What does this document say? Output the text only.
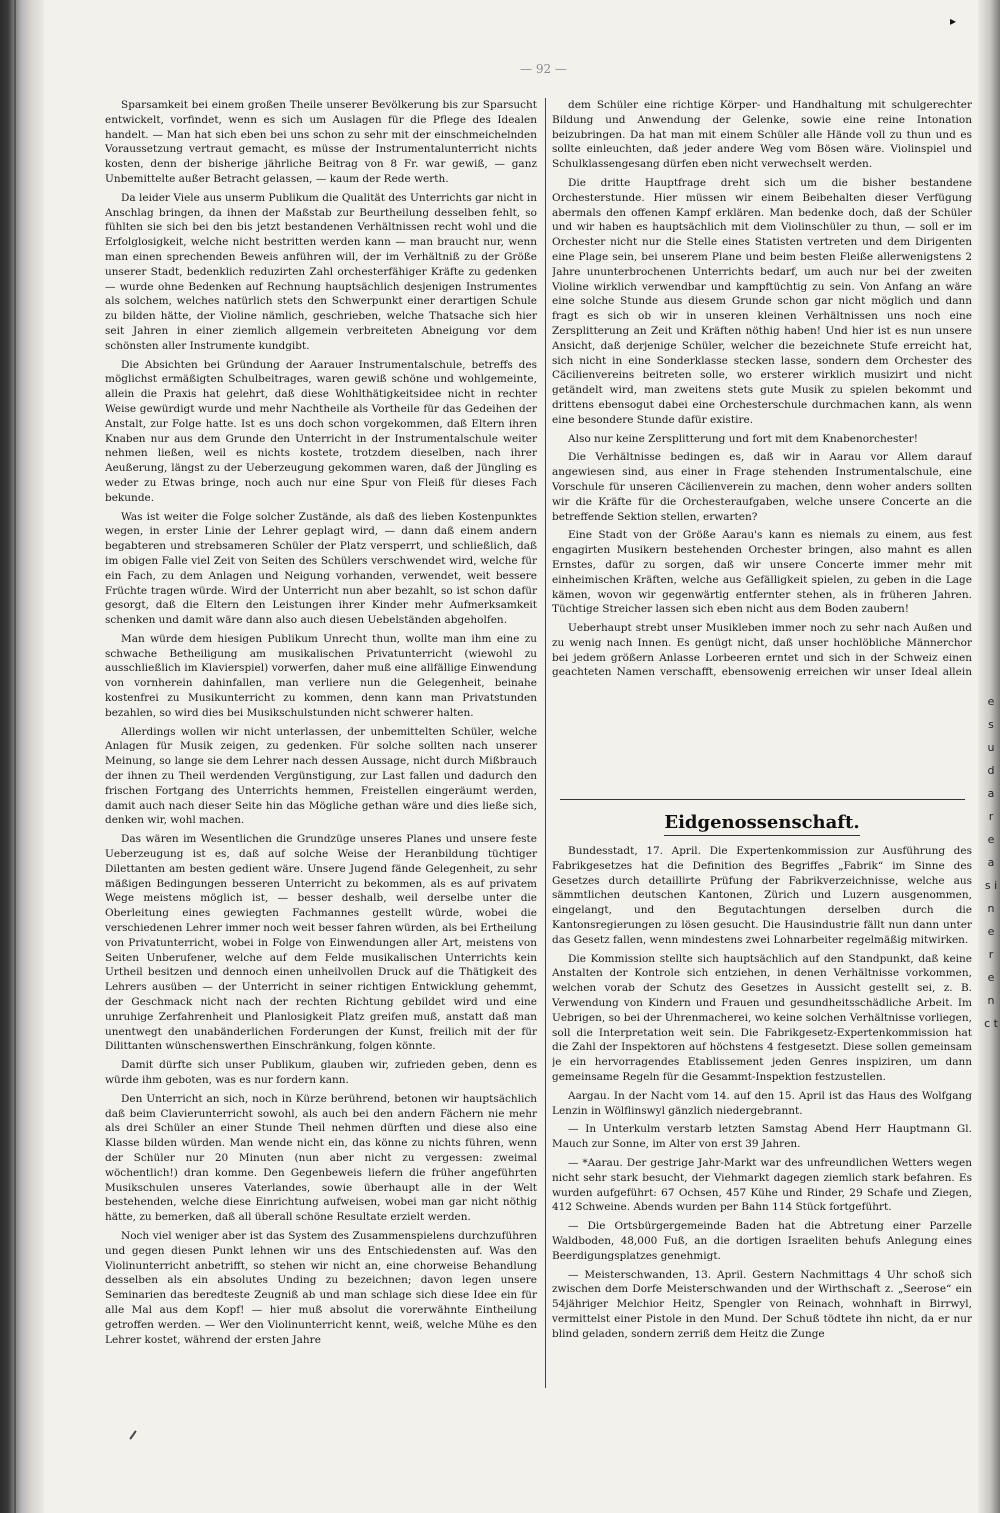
e s u d a r e a s i n e r e n c t
— 92 —
▸

Sparsamkeit bei einem großen Theile unserer Bevölkerung bis zur Sparsucht entwickelt, vorfindet, wenn es sich um Auslagen für die Pflege des Idealen handelt. — Man hat sich eben bei uns schon zu sehr mit der einschmeichelnden Voraussetzung vertraut gemacht, es müsse der Instrumentalunterricht nichts kosten, denn der bisherige jährliche Beitrag von 8 Fr. war gewiß, — ganz Unbemittelte außer Betracht gelassen, — kaum der Rede werth.

Da leider Viele aus unserm Publikum die Qualität des Unterrichts gar nicht in Anschlag bringen, da ihnen der Maßstab zur Beurtheilung desselben fehlt, so fühlten sie sich bei den bis jetzt bestandenen Verhältnissen recht wohl und die Erfolglosigkeit, welche nicht bestritten werden kann — man braucht nur, wenn man einen sprechenden Beweis anführen will, der im Verhältniß zu der Größe unserer Stadt, bedenklich reduzirten Zahl orchesterfähiger Kräfte zu gedenken — wurde ohne Bedenken auf Rechnung hauptsächlich desjenigen Instrumentes als solchem, welches natürlich stets den Schwerpunkt einer derartigen Schule zu bilden hätte, der Violine nämlich, geschrieben, welche Thatsache sich hier seit Jahren in einer ziemlich allgemein verbreiteten Abneigung vor dem schönsten aller Instrumente kundgibt.

Die Absichten bei Gründung der Aarauer Instrumentalschule, betreffs des möglichst ermäßigten Schulbeitrages, waren gewiß schöne und wohlgemeinte, allein die Praxis hat gelehrt, daß diese Wohlthätigkeitsidee nicht in rechter Weise gewürdigt wurde und mehr Nachtheile als Vortheile für das Gedeihen der Anstalt, zur Folge hatte. Ist es uns doch schon vorgekommen, daß Eltern ihren Knaben nur aus dem Grunde den Unterricht in der Instrumentalschule weiter nehmen ließen, weil es nichts kostete, trotzdem dieselben, nach ihrer Aeußerung, längst zu der Ueberzeugung gekommen waren, daß der Jüngling es weder zu Etwas bringe, noch auch nur eine Spur von Fleiß für dieses Fach bekunde.

Was ist weiter die Folge solcher Zustände, als daß des lieben Kostenpunktes wegen, in erster Linie der Lehrer geplagt wird, — dann daß einem andern begabteren und strebsameren Schüler der Platz versperrt, und schließlich, daß im obigen Falle viel Zeit von Seiten des Schülers verschwendet wird, welche für ein Fach, zu dem Anlagen und Neigung vorhanden, verwendet, weit bessere Früchte tragen würde. Wird der Unterricht nun aber bezahlt, so ist schon dafür gesorgt, daß die Eltern den Leistungen ihrer Kinder mehr Aufmerksamkeit schenken und damit wäre dann also auch diesen Uebelständen abgeholfen.

Man würde dem hiesigen Publikum Unrecht thun, wollte man ihm eine zu schwache Betheiligung am musikalischen Privatunterricht (wiewohl zu ausschließlich im Klavierspiel) vorwerfen, daher muß eine allfällige Einwendung von vornherein dahinfallen, man verliere nun die Gelegenheit, beinahe kostenfrei zu Musikunterricht zu kommen, denn kann man Privatstunden bezahlen, so wird dies bei Musikschulstunden nicht schwerer halten.

Allerdings wollen wir nicht unterlassen, der unbemittelten Schüler, welche Anlagen für Musik zeigen, zu gedenken. Für solche sollten nach unserer Meinung, so lange sie dem Lehrer nach dessen Aussage, nicht durch Mißbrauch der ihnen zu Theil werdenden Vergünstigung, zur Last fallen und dadurch den frischen Fortgang des Unterrichts hemmen, Freistellen eingeräumt werden, damit auch nach dieser Seite hin das Mögliche gethan wäre und dies ließe sich, denken wir, wohl machen.

Das wären im Wesentlichen die Grundzüge unseres Planes und unsere feste Ueberzeugung ist es, daß auf solche Weise der Heranbildung tüchtiger Dilettanten am besten gedient wäre. Unsere Jugend fände Gelegenheit, zu sehr mäßigen Bedingungen besseren Unterricht zu bekommen, als es auf privatem Wege meistens möglich ist, — besser deshalb, weil derselbe unter die Oberleitung eines gewiegten Fachmannes gestellt würde, wobei die verschiedenen Lehrer immer noch weit besser fahren würden, als bei Ertheilung von Privatunterricht, wobei in Folge von Einwendungen aller Art, meistens von Seiten Unberufener, welche auf dem Felde musikalischen Unterrichts kein Urtheil besitzen und dennoch einen unheilvollen Druck auf die Thätigkeit des Lehrers ausüben — der Unterricht in seiner richtigen Entwicklung gehemmt, der Geschmack nicht nach der rechten Richtung gebildet wird und eine unruhige Zerfahrenheit und Planlosigkeit Platz greifen muß, anstatt daß man unentwegt den unabänderlichen Forderungen der Kunst, freilich mit der für Dilittanten wünschenswerthen Einschränkung, folgen könnte.

Damit dürfte sich unser Publikum, glauben wir, zufrieden geben, denn es würde ihm geboten, was es nur fordern kann.

Den Unterricht an sich, noch in Kürze berührend, betonen wir hauptsächlich daß beim Clavierunterricht sowohl, als auch bei den andern Fächern nie mehr als drei Schüler an einer Stunde Theil nehmen dürften und diese also eine Klasse bilden würden. Man wende nicht ein, das könne zu nichts führen, wenn der Schüler nur 20 Minuten (nun aber nicht zu vergessen: zweimal wöchentlich!) dran komme. Den Gegenbeweis liefern die früher angeführten Musikschulen unseres Vaterlandes, sowie überhaupt alle in der Welt bestehenden, welche diese Einrichtung aufweisen, wobei man gar nicht nöthig hätte, zu bemerken, daß all überall schöne Resultate erzielt werden.

Noch viel weniger aber ist das System des Zusammenspielens durchzuführen und gegen diesen Punkt lehnen wir uns des Entschiedensten auf. Was den Violinunterricht anbetrifft, so stehen wir nicht an, eine chorweise Behandlung desselben als ein absolutes Unding zu bezeichnen; davon legen unsere Seminarien das beredteste Zeugniß ab und man schlage sich diese Idee ein für alle Mal aus dem Kopf! — hier muß absolut die vorerwähnte Eintheilung getroffen werden. — Wer den Violinunterricht kennt, weiß, welche Mühe es den Lehrer kostet, während der ersten Jahre

dem Schüler eine richtige Körper- und Handhaltung mit schulgerechter Bildung und Anwendung der Gelenke, sowie eine reine Intonation beizubringen. Da hat man mit einem Schüler alle Hände voll zu thun und es sollte einleuchten, daß jeder andere Weg vom Bösen wäre. Violinspiel und Schulklassengesang dürfen eben nicht verwechselt werden.

Die dritte Hauptfrage dreht sich um die bisher bestandene Orchesterstunde. Hier müssen wir einem Beibehalten dieser Verfügung abermals den offenen Kampf erklären. Man bedenke doch, daß der Schüler und wir haben es hauptsächlich mit dem Violinschüler zu thun, — soll er im Orchester nicht nur die Stelle eines Statisten vertreten und dem Dirigenten eine Plage sein, bei unserem Plane und beim besten Fleiße allerwenigstens 2 Jahre ununterbrochenen Unterrichts bedarf, um auch nur bei der zweiten Violine wirklich verwendbar und kampftüchtig zu sein. Von Anfang an wäre eine solche Stunde aus diesem Grunde schon gar nicht möglich und dann fragt es sich ob wir in unseren kleinen Verhältnissen uns noch eine Zersplitterung an Zeit und Kräften nöthig haben! Und hier ist es nun unsere Ansicht, daß derjenige Schüler, welcher die bezeichnete Stufe erreicht hat, sich nicht in eine Sonderklasse stecken lasse, sondern dem Orchester des Cäcilienvereins beitreten solle, wo ersterer wirklich musizirt und nicht getändelt wird, man zweitens stets gute Musik zu spielen bekommt und drittens ebensogut dabei eine Orchesterschule durchmachen kann, als wenn eine besondere Stunde dafür existire.

Also nur keine Zersplitterung und fort mit dem Knabenorchester!

Die Verhältnisse bedingen es, daß wir in Aarau vor Allem darauf angewiesen sind, aus einer in Frage stehenden Instrumentalschule, eine Vorschule für unseren Cäcilienverein zu machen, denn woher anders sollten wir die Kräfte für die Orchesteraufgaben, welche unsere Concerte an die betreffende Sektion stellen, erwarten?

Eine Stadt von der Größe Aarau's kann es niemals zu einem, aus fest engagirten Musikern bestehenden Orchester bringen, also mahnt es allen Ernstes, dafür zu sorgen, daß wir unsere Concerte immer mehr mit einheimischen Kräften, welche aus Gefälligkeit spielen, zu geben in die Lage kämen, wovon wir gegenwärtig entfernter stehen, als in früheren Jahren. Tüchtige Streicher lassen sich eben nicht aus dem Boden zaubern!

Ueberhaupt strebt unser Musikleben immer noch zu sehr nach Außen und zu wenig nach Innen. Es genügt nicht, daß unser hochlöbliche Männerchor bei jedem größern Anlasse Lorbeeren erntet und sich in der Schweiz einen geachteten Namen verschafft, ebensowenig erreichen wir unser Ideal allein

Eidgenossenschaft.

Bundesstadt, 17. April. Die Expertenkommission zur Ausführung des Fabrikgesetzes hat die Definition des Begriffes „Fabrik“ im Sinne des Gesetzes durch detaillirte Prüfung der Fabrikverzeichnisse, welche aus sämmtlichen deutschen Kantonen, Zürich und Luzern ausgenommen, eingelangt, und den Begutachtungen derselben durch die Kantonsregierungen zu lösen gesucht. Die Hausindustrie fällt nun dann unter das Gesetz fallen, wenn mindestens zwei Lohnarbeiter regelmäßig mitwirken.

Die Kommission stellte sich hauptsächlich auf den Standpunkt, daß keine Anstalten der Kontrole sich entziehen, in denen Verhältnisse vorkommen, welchen vorab der Schutz des Gesetzes in Aussicht gestellt sei, z. B. Verwendung von Kindern und Frauen und gesundheitsschädliche Arbeit. Im Uebrigen, so bei der Uhrenmacherei, wo keine solchen Verhältnisse vorliegen, soll die Interpretation weit sein. Die Fabrikgesetz-Expertenkommission hat die Zahl der Inspektoren auf höchstens 4 festgesetzt. Diese sollen gemeinsam je ein hervorragendes Etablissement jeden Genres inspiziren, um dann gemeinsame Regeln für die Gesammt-Inspektion festzustellen.

Aargau. In der Nacht vom 14. auf den 15. April ist das Haus des Wolfgang Lenzin in Wölflinswyl gänzlich niedergebrannt.

— In Unterkulm verstarb letzten Samstag Abend Herr Hauptmann Gl. Mauch zur Sonne, im Alter von erst 39 Jahren.

— *Aarau. Der gestrige Jahr-Markt war des unfreundlichen Wetters wegen nicht sehr stark besucht, der Viehmarkt dagegen ziemlich stark befahren. Es wurden aufgeführt: 67 Ochsen, 457 Kühe und Rinder, 29 Schafe und Ziegen, 412 Schweine. Abends wurden per Bahn 114 Stück fortgeführt.

— Die Ortsbürgergemeinde Baden hat die Abtretung einer Parzelle Waldboden, 48,000 Fuß, an die dortigen Israeliten behufs Anlegung eines Beerdigungsplatzes genehmigt.

— Meisterschwanden, 13. April. Gestern Nachmittags 4 Uhr schoß sich zwischen dem Dorfe Meisterschwanden und der Wirthschaft z. „Seerose“ ein 54jähriger Melchior Heitz, Spengler von Reinach, wohnhaft in Birrwyl, vermittelst einer Pistole in den Mund. Der Schuß tödtete ihn nicht, da er nur blind geladen, sondern zerriß dem Heitz die Zunge
